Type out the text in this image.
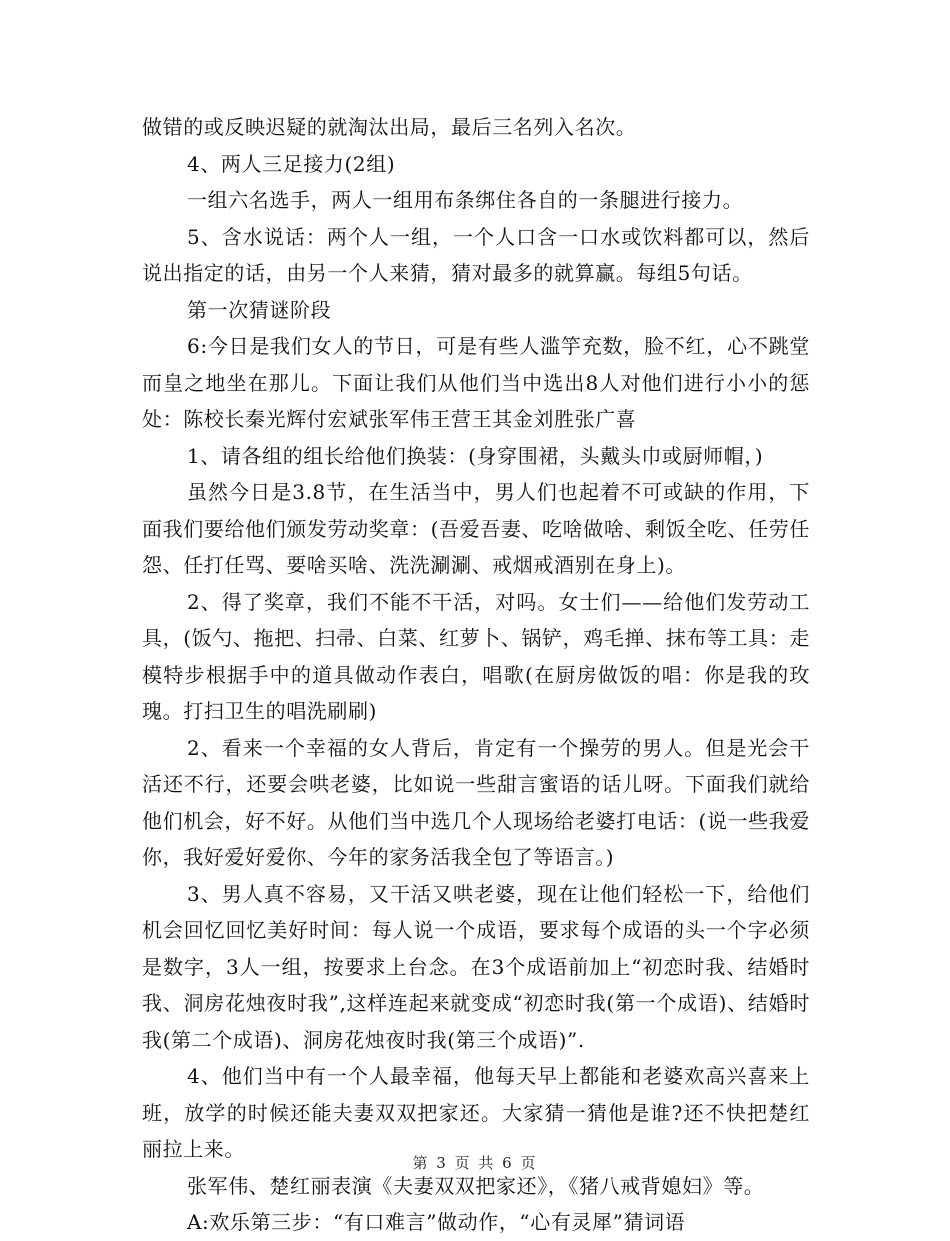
做错的或反映迟疑的就淘汰出局，最后三名列入名次。

4、两人三足接力(2组)

一组六名选手，两人一组用布条绑住各自的一条腿进行接力。

5、含水说话：两个人一组，一个人口含一口水或饮料都可以，然后说出指定的话，由另一个人来猜，猜对最多的就算赢。每组5句话。

第一次猜谜阶段

6:今日是我们女人的节日，可是有些人滥竽充数，脸不红，心不跳堂而皇之地坐在那儿。下面让我们从他们当中选出8人对他们进行小小的惩处：陈校长秦光辉付宏斌张军伟王营王其金刘胜张广喜

1、请各组的组长给他们换装：(身穿围裙，头戴头巾或厨师帽，)

虽然今日是3.8节，在生活当中，男人们也起着不可或缺的作用，下面我们要给他们颁发劳动奖章：(吾爱吾妻、吃啥做啥、剩饭全吃、任劳任怨、任打任骂、要啥买啥、洗洗涮涮、戒烟戒酒别在身上)。

2、得了奖章，我们不能不干活，对吗。女士们——给他们发劳动工具，(饭勺、拖把、扫帚、白菜、红萝卜、锅铲，鸡毛掸、抹布等工具：走模特步根据手中的道具做动作表白，唱歌(在厨房做饭的唱：你是我的玫瑰。打扫卫生的唱洗刷刷)

2、看来一个幸福的女人背后，肯定有一个操劳的男人。但是光会干活还不行，还要会哄老婆，比如说一些甜言蜜语的话儿呀。下面我们就给他们机会，好不好。从他们当中选几个人现场给老婆打电话：(说一些我爱你，我好爱好爱你、今年的家务活我全包了等语言。)

3、男人真不容易，又干活又哄老婆，现在让他们轻松一下，给他们机会回忆回忆美好时间：每人说一个成语，要求每个成语的头一个字必须是数字，3人一组，按要求上台念。在3个成语前加上“初恋时我、结婚时我、洞房花烛夜时我”,这样连起来就变成“初恋时我(第一个成语)、结婚时我(第二个成语)、洞房花烛夜时我(第三个成语)”.

4、他们当中有一个人最幸福，他每天早上都能和老婆欢高兴喜来上班，放学的时候还能夫妻双双把家还。大家猜一猜他是谁?还不快把楚红丽拉上来。

张军伟、楚红丽表演《夫妻双双把家还》，《猪八戒背媳妇》等。

A:欢乐第三步：“有口难言”做动作，“心有灵犀”猜词语

第 3 页 共 6 页
